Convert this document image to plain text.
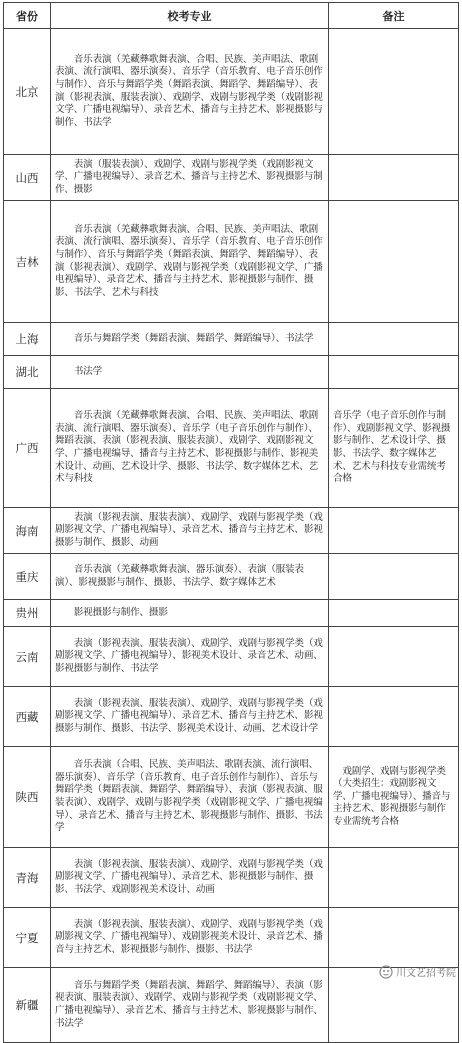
省份	校考专业	备注
北京	　　音乐表演（羌藏彝歌舞表演、合唱、民族、美声唱法、歌剧表演、流行演唱、器乐演奏）、音乐学（音乐教育、电子音乐创作与制作）、音乐与舞蹈学类（舞蹈表演、舞蹈学、舞蹈编导）、表演（影视表演、服装表演）、戏剧学、戏剧与影视学类（戏剧影视文学、广播电视编导）、录音艺术、播音与主持艺术、影视摄影与制作、书法学	
山西	　　表演（服装表演）、戏剧学、戏剧与影视学类（戏剧影视文学、广播电视编导）、录音艺术、播音与主持艺术、影视摄影与制作、摄影	
吉林	　　音乐表演（羌藏彝歌舞表演、合唱、民族、美声唱法、歌剧表演、流行演唱、器乐演奏）、音乐学（音乐教育、电子音乐创作与制作）、音乐与舞蹈学类（舞蹈表演、舞蹈学、舞蹈编导）、表演（影视表演）、戏剧学、戏剧与影视学类（戏剧影视文学、广播电视编导）、录音艺术、播音与主持艺术、影视摄影与制作、摄影、书法学、艺术与科技	
上海	　　音乐与舞蹈学类（舞蹈表演、舞蹈学、舞蹈编导）、书法学	
湖北	　　书法学	
广西	　　音乐表演（羌藏彝歌舞表演、合唱、民族、美声唱法、歌剧表演、流行演唱、器乐演奏）、音乐学（电子音乐创作与制作）、舞蹈表演、表演（影视表演、服装表演）、戏剧学、戏剧影视文学、广播电视编导、播音与主持艺术、影视摄影与制作、影视美术设计、动画、艺术设计学、摄影、书法学、数字媒体艺术、艺术与科技	音乐学（电子音乐创作与制作）、戏剧影视文学、影视摄影与制作、艺术设计学、摄影、书法学、数字媒体艺术、艺术与科技专业需统考合格
海南	　　表演（影视表演、服装表演）、戏剧学、戏剧与影视学类（戏剧影视文学、广播电视编导）、录音艺术、播音与主持艺术、影视摄影与制作、摄影、动画	
重庆	　　音乐表演（羌藏彝歌舞表演、器乐演奏）、表演（服装表演）、影视摄影与制作、摄影、书法学、数字媒体艺术	
贵州	　　影视摄影与制作、摄影	
云南	　　表演（影视表演、服装表演）、戏剧学、戏剧与影视学类（戏剧影视文学、广播电视编导）、影视美术设计、录音艺术、动画、影视摄影与制作、书法学	
西藏	　　表演（影视表演、服装表演）、戏剧学、戏剧与影视学类（戏剧影视文学、广播电视编导）、录音艺术、播音与主持艺术、影视摄影与制作、摄影、书法学、影视美术设计、动画、艺术设计学	
陕西	　　音乐表演（合唱、民族、美声唱法、歌剧表演、流行演唱、器乐演奏）、音乐学（音乐教育、电子音乐创作与制作）、音乐与舞蹈学类（舞蹈表演、舞蹈学、舞蹈编导）、表演（影视表演、服装表演）、戏剧学、戏剧与影视学类（戏剧影视文学、广播电视编导）、录音艺术、播音与主持艺术、影视摄影与制作、摄影、书法学	　戏剧学、戏剧与影视学类（大类招生：戏剧影视文学、广播电视编导）、播音与主持艺术、影视摄影与制作专业需统考合格
青海	　　表演（影视表演、服装表演）、戏剧学、戏剧与影视学类（戏剧影视文学、广播电视编导）、录音艺术、影视摄影与制作、摄影、书法学、戏剧影视美术设计、动画	
宁夏	　　表演（影视表演、服装表演）、戏剧学、戏剧与影视学类（戏剧影视文学、广播电视编导）、戏剧影视美术设计、录音艺术、播音与主持艺术、影视摄影与制作、摄影、书法学	
新疆	　　音乐与舞蹈学类（舞蹈表演、舞蹈学、舞蹈编导）、表演（影视表演、服装表演）、戏剧学、戏剧与影视学类（戏剧影视文学、广播电视编导）、录音艺术、播音与主持艺术、影视摄影与制作、书法学	
川文艺招考院
